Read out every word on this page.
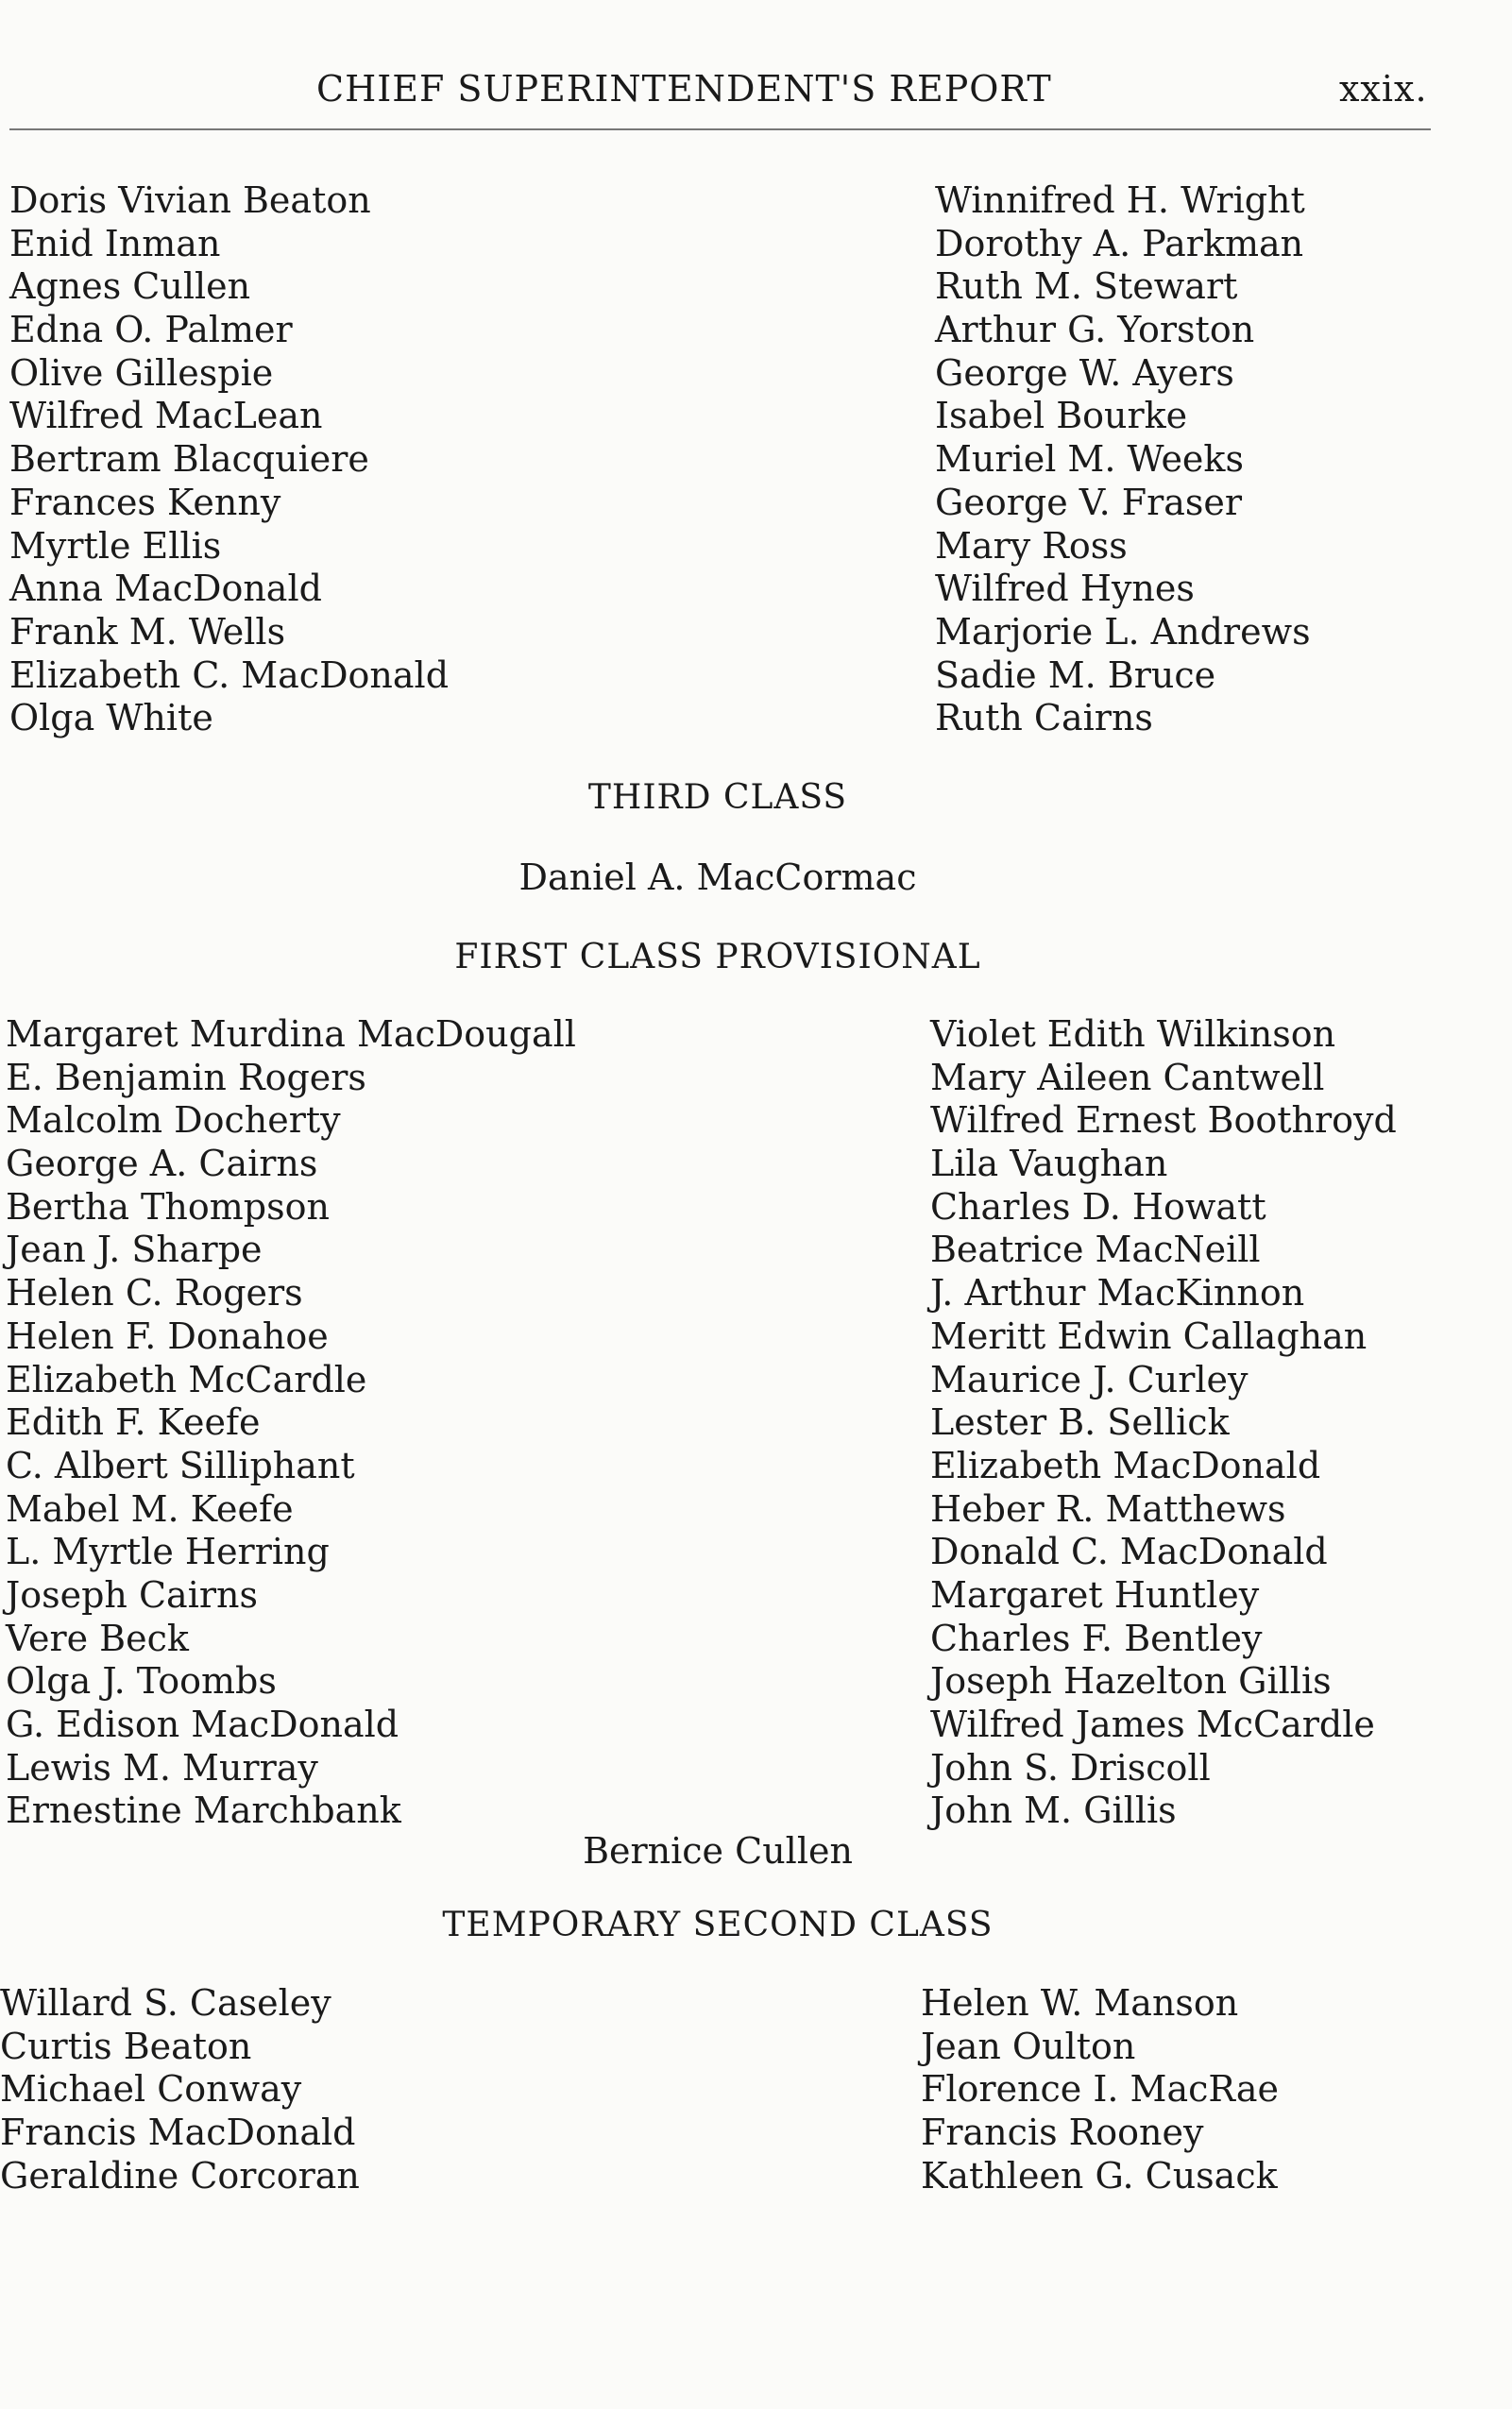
CHIEF SUPERINTENDENT'S REPORT	xxix.
Doris Vivian Beaton
Enid Inman
Agnes Cullen
Edna O. Palmer
Olive Gillespie
Wilfred MacLean
Bertram Blacquiere
Frances Kenny
Myrtle Ellis
Anna MacDonald
Frank M. Wells
Elizabeth C. MacDonald
Olga White
Winnifred H. Wright
Dorothy A. Parkman
Ruth M. Stewart
Arthur G. Yorston
George W. Ayers
Isabel Bourke
Muriel M. Weeks
George V. Fraser
Mary Ross
Wilfred Hynes
Marjorie L. Andrews
Sadie M. Bruce
Ruth Cairns
THIRD CLASS
Daniel A. MacCormac
FIRST CLASS PROVISIONAL
Margaret Murdina MacDougall
E. Benjamin Rogers
Malcolm Docherty
George A. Cairns
Bertha Thompson
Jean J. Sharpe
Helen C. Rogers
Helen F. Donahoe
Elizabeth McCardle
Edith F. Keefe
C. Albert Silliphant
Mabel M. Keefe
L. Myrtle Herring
Joseph Cairns
Vere Beck
Olga J. Toombs
G. Edison MacDonald
Lewis M. Murray
Ernestine Marchbank
Violet Edith Wilkinson
Mary Aileen Cantwell
Wilfred Ernest Boothroyd
Lila Vaughan
Charles D. Howatt
Beatrice MacNeill
J. Arthur MacKinnon
Meritt Edwin Callaghan
Maurice J. Curley
Lester B. Sellick
Elizabeth MacDonald
Heber R. Matthews
Donald C. MacDonald
Margaret Huntley
Charles F. Bentley
Joseph Hazelton Gillis
Wilfred James McCardle
John S. Driscoll
John M. Gillis
Bernice Cullen
TEMPORARY SECOND CLASS
Willard S. Caseley
Curtis Beaton
Michael Conway
Francis MacDonald
Geraldine Corcoran
Helen W. Manson
Jean Oulton
Florence I. MacRae
Francis Rooney
Kathleen G. Cusack
